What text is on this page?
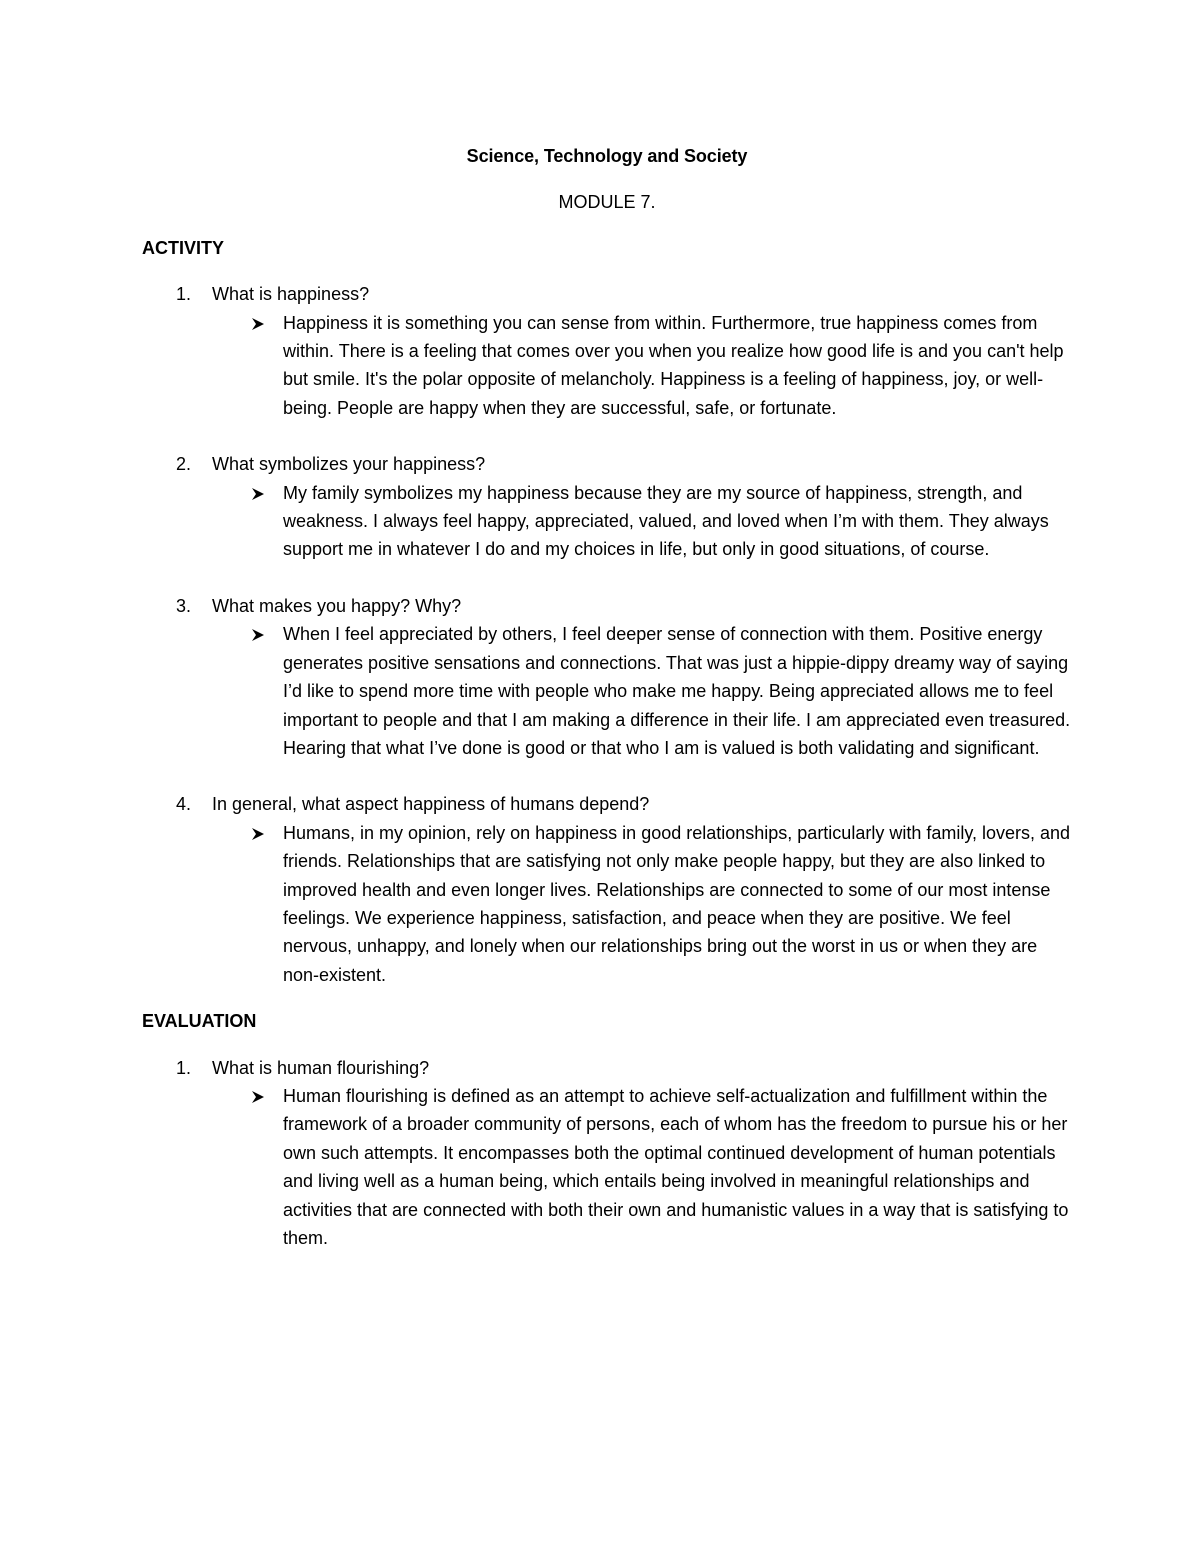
Science, Technology and Society
MODULE 7.
ACTIVITY
1.	What is happiness?
Happiness it is something you can sense from within. Furthermore, true happiness comes from within. There is a feeling that comes over you when you realize how good life is and you can't help but smile. It's the polar opposite of melancholy. Happiness is a feeling of happiness, joy, or well-being. People are happy when they are successful, safe, or fortunate.
2.	What symbolizes your happiness?
My family symbolizes my happiness because they are my source of happiness, strength, and weakness. I always feel happy, appreciated, valued, and loved when I’m with them. They always support me in whatever I do and my choices in life, but only in good situations, of course.
3.	What makes you happy? Why?
When I feel appreciated by others, I feel deeper sense of connection with them. Positive energy generates positive sensations and connections. That was just a hippie-dippy dreamy way of saying I’d like to spend more time with people who make me happy. Being appreciated allows me to feel important to people and that I am making a difference in their life. I am appreciated even treasured. Hearing that what I’ve done is good or that who I am is valued is both validating and significant.
4.	In general, what aspect happiness of humans depend?
Humans, in my opinion, rely on happiness in good relationships, particularly with family, lovers, and friends. Relationships that are satisfying not only make people happy, but they are also linked to improved health and even longer lives. Relationships are connected to some of our most intense feelings. We experience happiness, satisfaction, and peace when they are positive. We feel nervous, unhappy, and lonely when our relationships bring out the worst in us or when they are non-existent.
EVALUATION
1.	What is human flourishing?
Human flourishing is defined as an attempt to achieve self-actualization and fulfillment within the framework of a broader community of persons, each of whom has the freedom to pursue his or her own such attempts. It encompasses both the optimal continued development of human potentials and living well as a human being, which entails being involved in meaningful relationships and activities that are connected with both their own and humanistic values in a way that is satisfying to them.
